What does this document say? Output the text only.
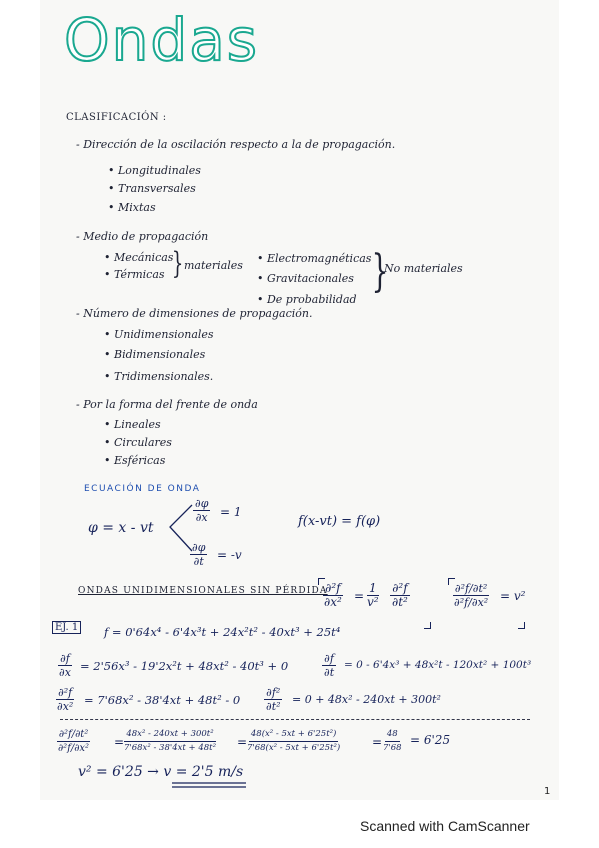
Ondas
CLASIFICACIÓN :
- Dirección de la oscilación respecto a la de propagación.
• Longitudinales
• Transversales
• Mixtas
- Medio de propagación
• Mecánicas
• Térmicas } materiales
• Electromagnéticas
• Gravitacionales
• De probabilidad
}
No materiales
- Número de dimensiones de propagación.
• Unidimensionales
• Bidimensionales
• Tridimensionales.
- Por la forma del frente de onda
• Lineales
• Circulares
• Esféricas
ECUACIÓN DE ONDA
φ = x - vt
$\frac{\partial\varphi}{\partial x} = 1$
$\frac{\partial\varphi}{\partial t} = -v$
f(x-vt) = f(φ)
ONDAS UNIDIMENSIONALES SIN PÉRDIDA
$\frac{\text{∂²f}}{\text{∂x²}} = \frac{1}{\text{v²}} \frac{\text{∂²f}}{\text{∂t²}}$	$\frac{\text{∂²f/∂t²}}{\text{∂²f/∂x²}} = v^2$
EJ. 1 f = 0'64x⁴ - 6'4x³t + 24x²t² - 40xt³ + 25t⁴
$\frac{\partial f}{\partial x} = 2'56x^3 - 19'2x^2t + 48xt^2 - 40t^3 + 0$	$\frac{\partial f}{\partial t} = 0 - 6'4x^3 + 48x^2t - 120xt^2 + 100t^3$
$\frac{\text{∂²f}}{\text{∂x²}} = 7'68x^2 - 38'4xt + 48t^2 - 0 \frac{\text{∂f²}}{\text{∂t²}} = 0 + 48x^2 - 240xt + 300t^2$
$\frac{\text{∂²f/∂t²}}{\text{∂²f/∂x²}}$ =
$\frac{\text{48x² - 240xt + 300t²}}{\text{7'68x² - 38'4xt + 48t²}}$ =
$\frac{\text{48(x² - 5xt + 6'25t²)}}{\text{7'68(x² - 5xt + 6'25t²)}}$ =
$\frac{48}{7'68} = 6'25$
v² = 6'25 → v = 2'5 m/s
1
Scanned with CamScanner
